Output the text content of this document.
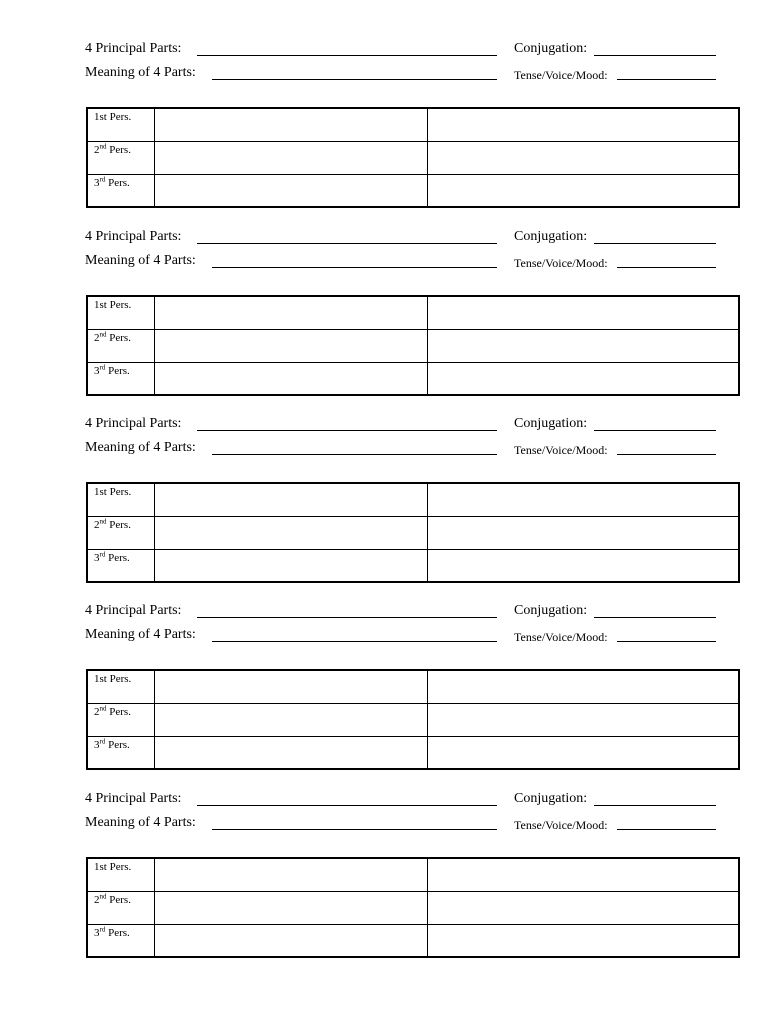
4 Principal Parts:	Conjugation:
Meaning of 4 Parts:	Tense/Voice/Mood:
1st Pers.		
2nd Pers.		
3rd Pers.		
4 Principal Parts:	Conjugation:
Meaning of 4 Parts:	Tense/Voice/Mood:
1st Pers.		
2nd Pers.		
3rd Pers.		
4 Principal Parts:	Conjugation:
Meaning of 4 Parts:	Tense/Voice/Mood:
1st Pers.		
2nd Pers.		
3rd Pers.		
4 Principal Parts:	Conjugation:
Meaning of 4 Parts:	Tense/Voice/Mood:
1st Pers.		
2nd Pers.		
3rd Pers.		
4 Principal Parts:	Conjugation:
Meaning of 4 Parts:	Tense/Voice/Mood:
1st Pers.		
2nd Pers.		
3rd Pers.		
